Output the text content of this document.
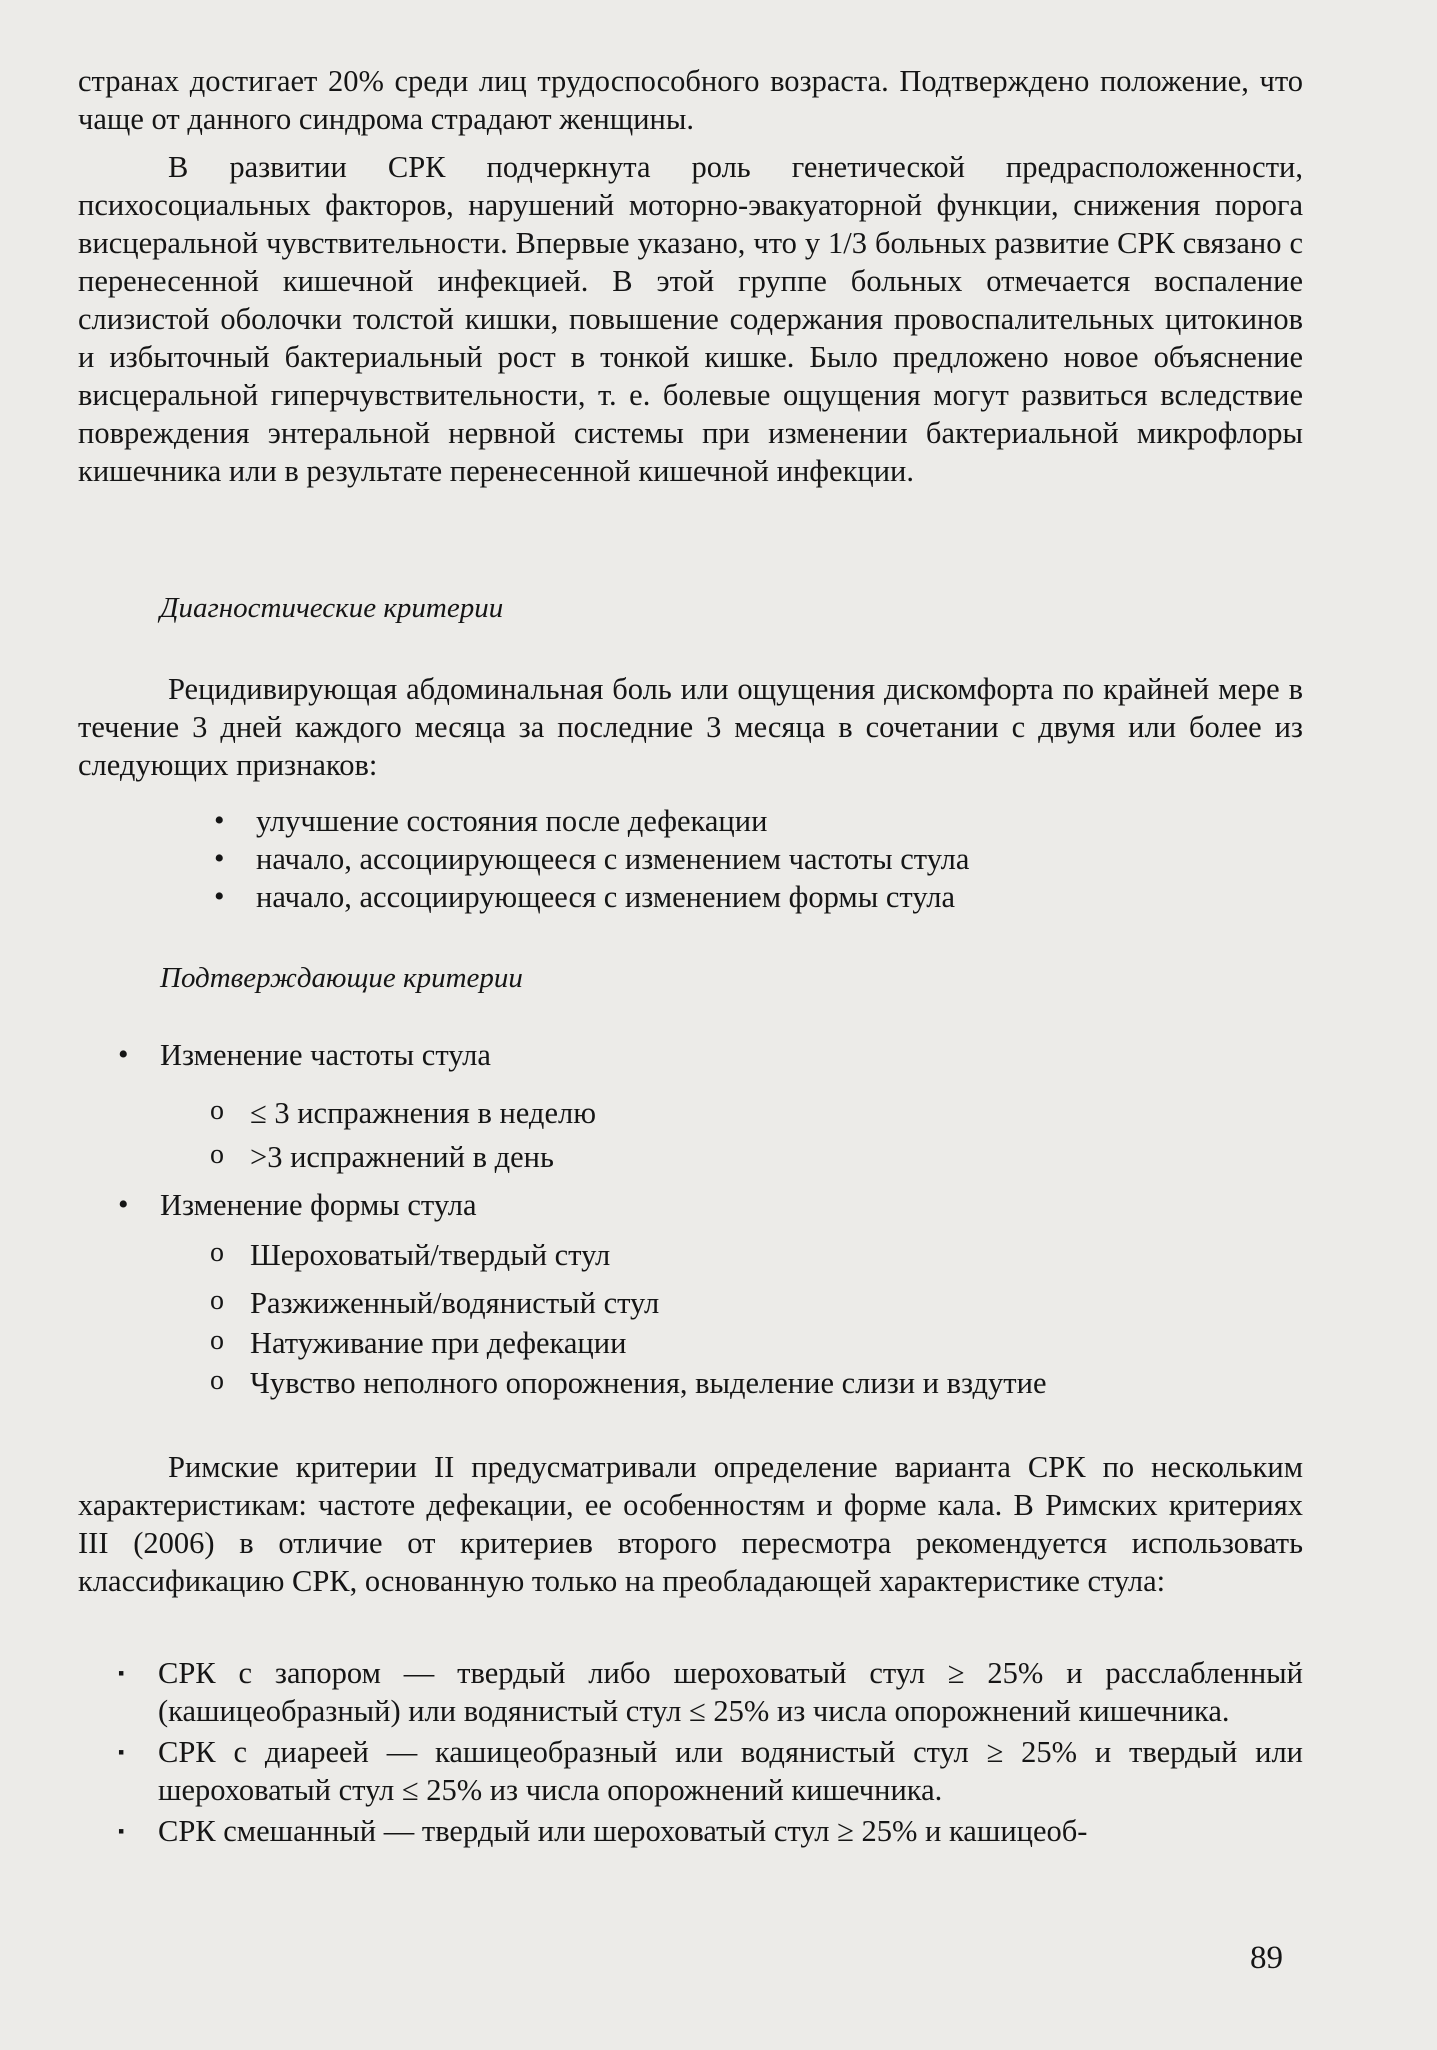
странах достигает 20% среди лиц трудоспособного возраста. Подтверждено положение, что чаще от данного синдрома страдают женщины.

В развитии СРК подчеркнута роль генетической предрасположенности, психосоциальных факторов, нарушений моторно-эвакуаторной функции, снижения порога висцеральной чувствительности. Впервые указано, что у 1/3 больных развитие СРК связано с перенесенной кишечной инфекцией. В этой группе больных отмечается воспаление слизистой оболочки толстой кишки, повышение содержания провоспалительных цитокинов и избыточный бактериальный рост в тонкой кишке. Было предложено новое объяснение висцеральной гиперчувствительности, т. е. болевые ощущения могут развиться вследствие повреждения энтеральной нервной системы при изменении бактериальной микрофлоры кишечника или в результате перенесенной кишечной инфекции.

Диагностические критерии

Рецидивирующая абдоминальная боль или ощущения дискомфорта по крайней мере в течение 3 дней каждого месяца за последние 3 месяца в сочетании с двумя или более из следующих признаков:

• улучшение состояния после дефекации
• начало, ассоциирующееся с изменением частоты стула
• начало, ассоциирующееся с изменением формы стула
Подтверждающие критерии
• Изменение частоты стула
o ≤ 3 испражнения в неделю
o >3 испражнений в день
• Изменение формы стула
o Шероховатый/твердый стул
o Разжиженный/водянистый стул
o Натуживание при дефекации
o Чувство неполного опорожнения, выделение слизи и вздутие

Римские критерии II предусматривали определение варианта СРК по нескольким характеристикам: частоте дефекации, ее особенностям и форме кала. В Римских критериях III (2006) в отличие от критериев второго пересмотра рекомендуется использовать классификацию СРК, основанную только на преобладающей характеристике стула:

▪ СРК с запором — твердый либо шероховатый стул ≥ 25% и расслабленный (кашицеобразный) или водянистый стул ≤ 25% из числа опорожнений кишечника.
▪ СРК с диареей — кашицеобразный или водянистый стул ≥ 25% и твердый или шероховатый стул ≤ 25% из числа опорожнений кишечника.
▪ СРК смешанный — твердый или шероховатый стул ≥ 25% и кашицеоб-
89
